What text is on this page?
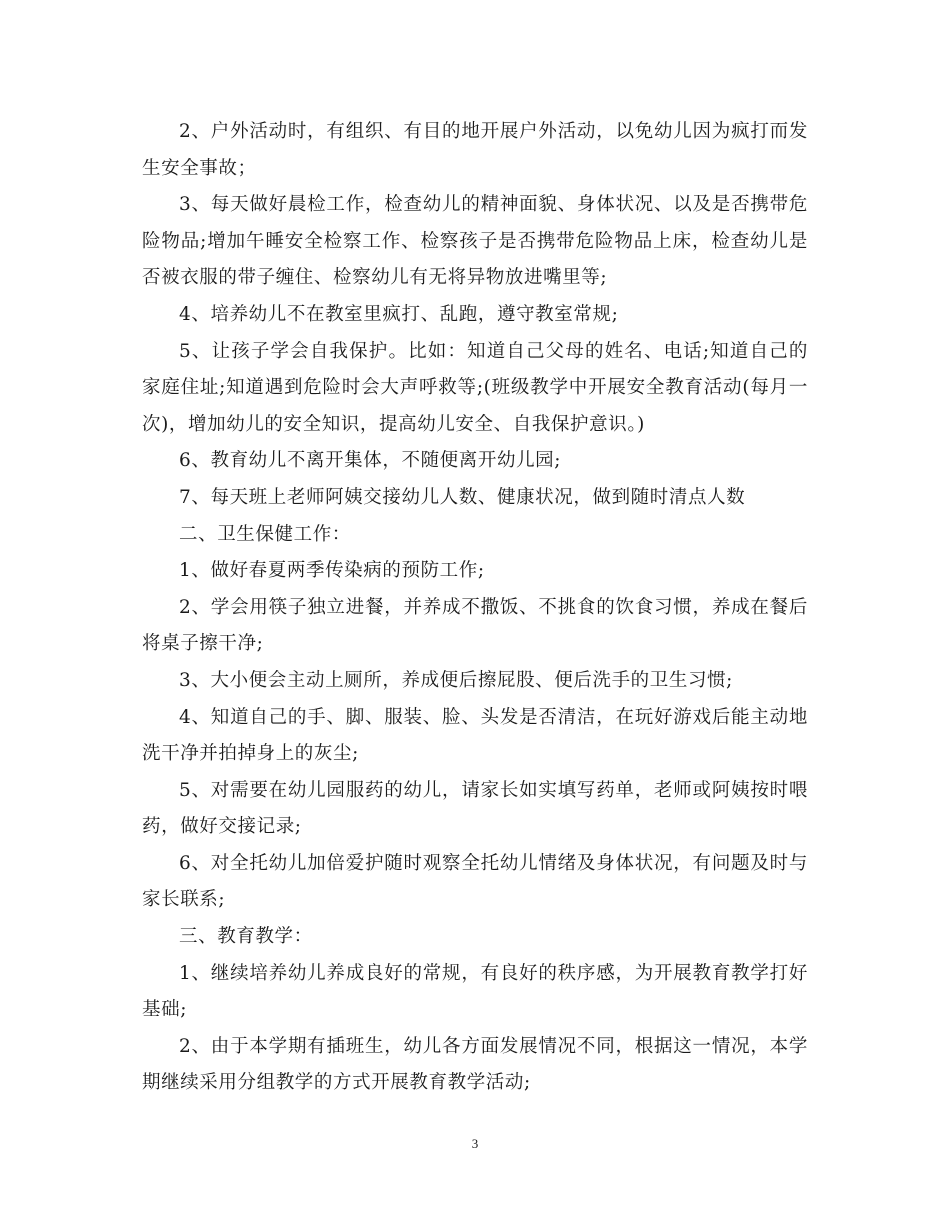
2、户外活动时，有组织、有目的地开展户外活动，以免幼儿因为疯打而发生安全事故；

3、每天做好晨检工作，检查幼儿的精神面貌、身体状况、以及是否携带危险物品;增加午睡安全检察工作、检察孩子是否携带危险物品上床，检查幼儿是否被衣服的带子缠住、检察幼儿有无将异物放进嘴里等;

4、培养幼儿不在教室里疯打、乱跑，遵守教室常规;

5、让孩子学会自我保护。比如：知道自己父母的姓名、电话;知道自己的家庭住址;知道遇到危险时会大声呼救等;(班级教学中开展安全教育活动(每月一次)，增加幼儿的安全知识，提高幼儿安全、自我保护意识。)

6、教育幼儿不离开集体，不随便离开幼儿园;

7、每天班上老师阿姨交接幼儿人数、健康状况，做到随时清点人数

二、卫生保健工作：

1、做好春夏两季传染病的预防工作;

2、学会用筷子独立进餐，并养成不撒饭、不挑食的饮食习惯，养成在餐后将桌子擦干净;

3、大小便会主动上厕所，养成便后擦屁股、便后洗手的卫生习惯;

4、知道自己的手、脚、服装、脸、头发是否清洁，在玩好游戏后能主动地洗干净并拍掉身上的灰尘;

5、对需要在幼儿园服药的幼儿，请家长如实填写药单，老师或阿姨按时喂药，做好交接记录;

6、对全托幼儿加倍爱护随时观察全托幼儿情绪及身体状况，有问题及时与家长联系;

三、教育教学：

1、继续培养幼儿养成良好的常规，有良好的秩序感，为开展教育教学打好基础;

2、由于本学期有插班生，幼儿各方面发展情况不同，根据这一情况，本学期继续采用分组教学的方式开展教育教学活动;

3
